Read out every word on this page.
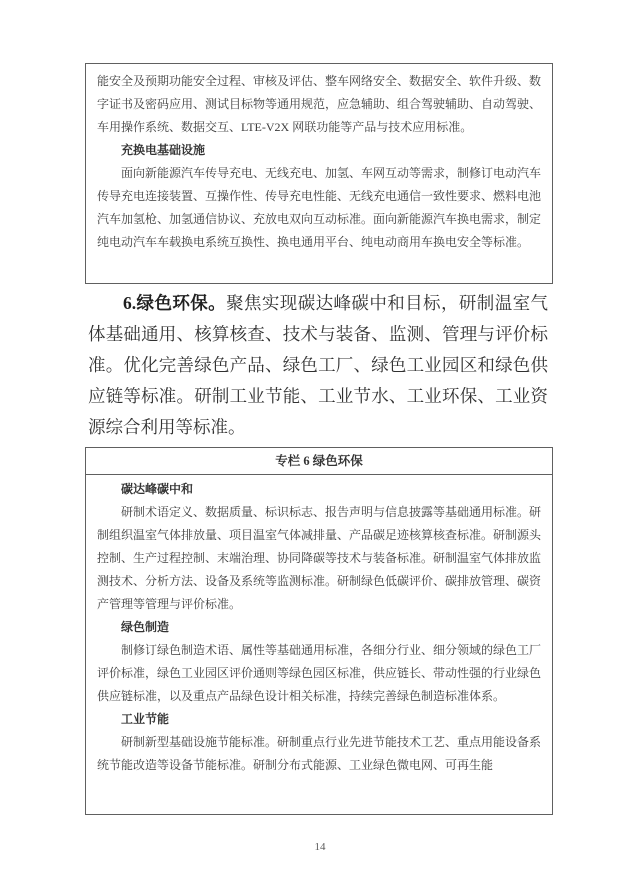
能安全及预期功能安全过程、审核及评估、整车网络安全、数据安全、软件升级、数字证书及密码应用、测试目标物等通用规范，应急辅助、组合驾驶辅助、自动驾驶、车用操作系统、数据交互、LTE-V2X 网联功能等产品与技术应用标准。

充换电基础设施

面向新能源汽车传导充电、无线充电、加氢、车网互动等需求，制修订电动汽车传导充电连接装置、互操作性、传导充电性能、无线充电通信一致性要求、燃料电池汽车加氢枪、加氢通信协议、充放电双向互动标准。面向新能源汽车换电需求，制定纯电动汽车车载换电系统互换性、换电通用平台、纯电动商用车换电安全等标准。

6.绿色环保。聚焦实现碳达峰碳中和目标，研制温室气体基础通用、核算核查、技术与装备、监测、管理与评价标准。优化完善绿色产品、绿色工厂、绿色工业园区和绿色供应链等标准。研制工业节能、工业节水、工业环保、工业资源综合利用等标准。

专栏 6 绿色环保

碳达峰碳中和

研制术语定义、数据质量、标识标志、报告声明与信息披露等基础通用标准。研制组织温室气体排放量、项目温室气体减排量、产品碳足迹核算核查标准。研制源头控制、生产过程控制、末端治理、协同降碳等技术与装备标准。研制温室气体排放监测技术、分析方法、设备及系统等监测标准。研制绿色低碳评价、碳排放管理、碳资产管理等管理与评价标准。

绿色制造

制修订绿色制造术语、属性等基础通用标准，各细分行业、细分领域的绿色工厂评价标准，绿色工业园区评价通则等绿色园区标准，供应链长、带动性强的行业绿色供应链标准，以及重点产品绿色设计相关标准，持续完善绿色制造标准体系。

工业节能

研制新型基础设施节能标准。研制重点行业先进节能技术工艺、重点用能设备系统节能改造等设备节能标准。研制分布式能源、工业绿色微电网、可再生能

14
